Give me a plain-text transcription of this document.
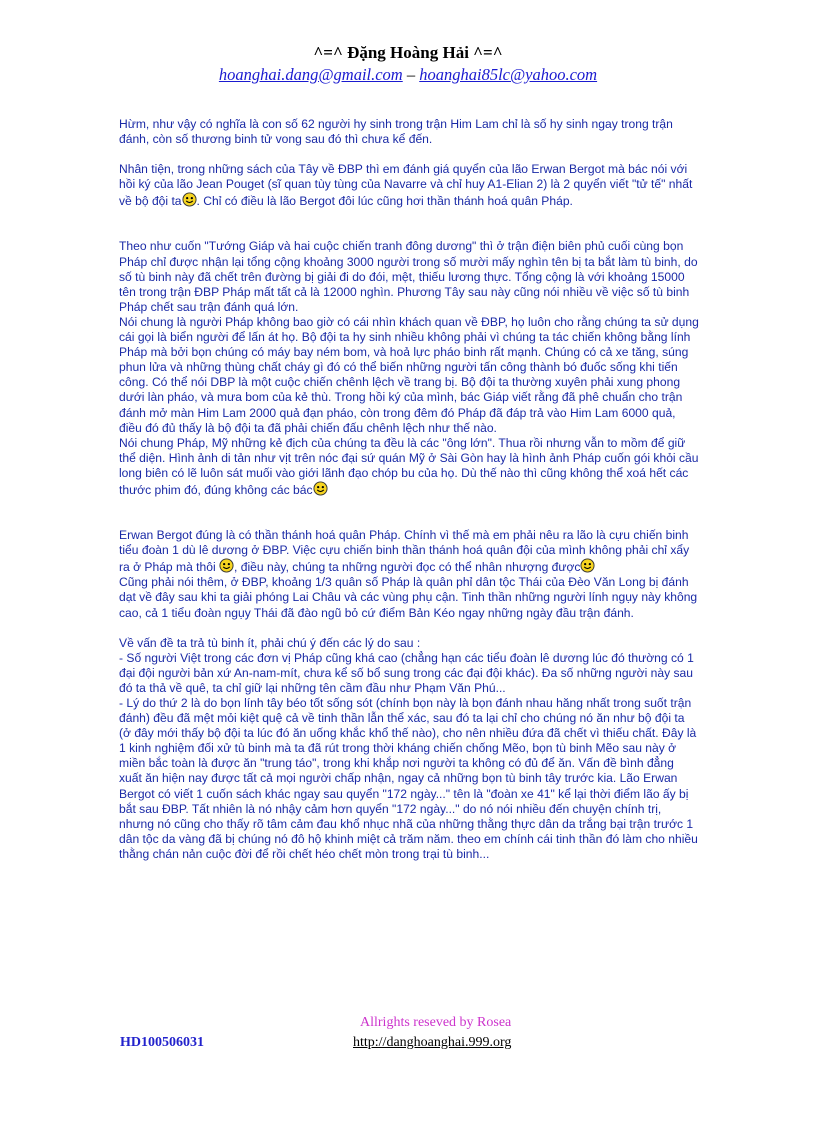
^=^ Đặng Hoàng Hải ^=^
hoanghai.dang@gmail.com – hoanghai85lc@yahoo.com

Hừm, như vậy có nghĩa là con số 62 người hy sinh trong trận Him Lam chỉ là số hy sinh ngay trong trận đánh, còn số thương binh tử vong sau đó thì chưa kể đến.

Nhân tiện, trong những sách của Tây về ĐBP thì em đánh giá quyển của lão Erwan Bergot mà bác nói với hồi ký của lão Jean Pouget (sĩ quan tùy tùng của Navarre và chỉ huy A1-Elian 2) là 2 quyển viết "tử tế" nhất về bộ đội ta . Chỉ có điều là lão Bergot đôi lúc cũng hơi thần thánh hoá quân Pháp.

Theo như cuốn "Tướng Giáp và hai cuộc chiến tranh đông dương" thì ở trận điện biên phủ cuối cùng bọn Pháp chỉ được nhận lại tổng cộng khoảng 3000 người trong số mười mấy nghìn tên bị ta bắt làm tù binh, do số tù binh này đã chết trên đường bị giải đi do đói, mệt, thiếu lương thực. Tổng cộng là với khoảng 15000 tên trong trận ĐBP Pháp mất tất cả là 12000 nghìn. Phương Tây sau này cũng nói nhiều về việc số tù binh Pháp chết sau trận đánh quá lớn.

Nói chung là người Pháp không bao giờ có cái nhìn khách quan về ĐBP, họ luôn cho rằng chúng ta sử dụng cái gọi là biển người để lấn át họ. Bộ đội ta hy sinh nhiều không phải vì chúng ta tác chiến không bằng lính Pháp mà bởi bọn chúng có máy bay ném bom, và hoả lực pháo binh rất mạnh. Chúng có cả xe tăng, súng phun lửa và những thùng chất cháy gì đó có thể biến những người tấn công thành bó đuốc sống khi tiến công. Có thể nói DBP là một cuộc chiến chênh lệch về trang bị. Bộ đội ta thường xuyên phải xung phong dưới làn pháo, và mưa bom của kẻ thù. Trong hồi ký của mình, bác Giáp viết rằng đã phê chuẩn cho trận đánh mở màn Him Lam 2000 quả đạn pháo, còn trong đêm đó Pháp đã đáp trả vào Him Lam 6000 quả, điều đó đủ thấy là bộ đội ta đã phải chiến đấu chênh lệch như thế nào.

Nói chung Pháp, Mỹ những kẻ địch của chúng ta đều là các "ông lớn". Thua rồi nhưng vẫn to mồm để giữ thể diện. Hình ảnh di tản như vịt trên nóc đại sứ quán Mỹ ở Sài Gòn hay là hình ảnh Pháp cuốn gói khỏi cầu long biên có lẽ luôn sát muối vào giới lãnh đạo chóp bu của họ. Dù thế nào thì cũng không thể xoá hết các thước phim đó, đúng không các bác

Erwan Bergot đúng là có thần thánh hoá quân Pháp. Chính vì thế mà em phải nêu ra lão là cựu chiến binh tiểu đoàn 1 dù lê dương ở ĐBP. Việc cựu chiến binh thần thánh hoá quân đội của mình không phải chỉ xẩy ra ở Pháp mà thôi , điều này, chúng ta những người đọc có thể nhân nhượng được

Cũng phải nói thêm, ở ĐBP, khoảng 1/3 quân số Pháp là quân phỉ dân tộc Thái của Đèo Văn Long bị đánh dạt về đây sau khi ta giải phóng Lai Châu và các vùng phụ cận. Tinh thần những người lính ngụy này không cao, cả 1 tiểu đoàn ngụy Thái đã đào ngũ bỏ cứ điểm Bản Kéo ngay những ngày đầu trận đánh.

Về vấn đề ta trả tù binh ít, phải chú ý đến các lý do sau :

- Số người Việt trong các đơn vị Pháp cũng khá cao (chẳng hạn các tiểu đoàn lê dương lúc đó thường có 1 đại đội người bản xứ An-nam-mít, chưa kể số bổ sung trong các đại đội khác). Đa số những người này sau đó ta thả về quê, ta chỉ giữ lại những tên cầm đầu như Phạm Văn Phú...

- Lý do thứ 2 là do bọn lính tây béo tốt sống sót (chính bọn này là bọn đánh nhau hăng nhất trong suốt trận đánh) đều đã mệt mỏi kiệt quệ cả về tinh thần lẫn thể xác, sau đó ta lại chỉ cho chúng nó ăn như bộ đội ta (ở đây mới thấy bộ đội ta lúc đó ăn uống khắc khổ thế nào), cho nên nhiều đứa đã chết vì thiếu chất. Đây là 1 kinh nghiệm đối xử tù binh mà ta đã rút trong thời kháng chiến chống Mẽo, bọn tù binh Mẽo sau này ở miền bắc toàn là được ăn "trung táo", trong khi khắp nơi người ta không có đủ để ăn. Vấn đề bình đẳng xuất ăn hiện nay được tất cả mọi người chấp nhận, ngay cả những bọn tù binh tây trước kia. Lão Erwan Bergot có viết 1 cuốn sách khác ngay sau quyển "172 ngày..." tên là "đoàn xe 41" kể lại thời điểm lão ấy bị bắt sau ĐBP. Tất nhiên là nó nhậy cảm hơn quyển "172 ngày..." do nó nói nhiều đến chuyện chính trị, nhưng nó cũng cho thấy rõ tâm cảm đau khổ nhục nhã của những thằng thực dân da trắng bại trận trước 1 dân tộc da vàng đã bị chúng nó đô hộ khinh miệt cả trăm năm. theo em chính cái tinh thần đó làm cho nhiều thằng chán nản cuộc đời để rồi chết héo chết mòn trong trại tù binh...

Allrights reseved by Rosea
HD100506031	http://danghoanghai.999.org
